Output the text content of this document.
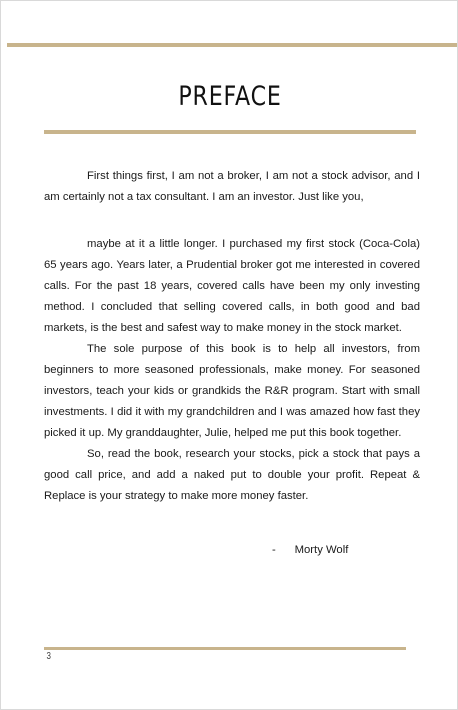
PREFACE

First things first, I am not a broker, I am not a stock advisor, and I am certainly not a tax consultant. I am an investor. Just like you,

maybe at it a little longer. I purchased my first stock (Coca-Cola) 65 years ago. Years later, a Prudential broker got me interested in covered calls. For the past 18 years, covered calls have been my only investing method. I concluded that selling covered calls, in both good and bad markets, is the best and safest way to make money in the stock market.

The sole purpose of this book is to help all investors, from beginners to more seasoned professionals, make money. For seasoned investors, teach your kids or grandkids the R&R program. Start with small investments. I did it with my grandchildren and I was amazed how fast they picked it up. My granddaughter, Julie, helped me put this book together.

So, read the book, research your stocks, pick a stock that pays a good call price, and add a naked put to double your profit. Repeat & Replace is your strategy to make more money faster.

-      Morty Wolf
3
